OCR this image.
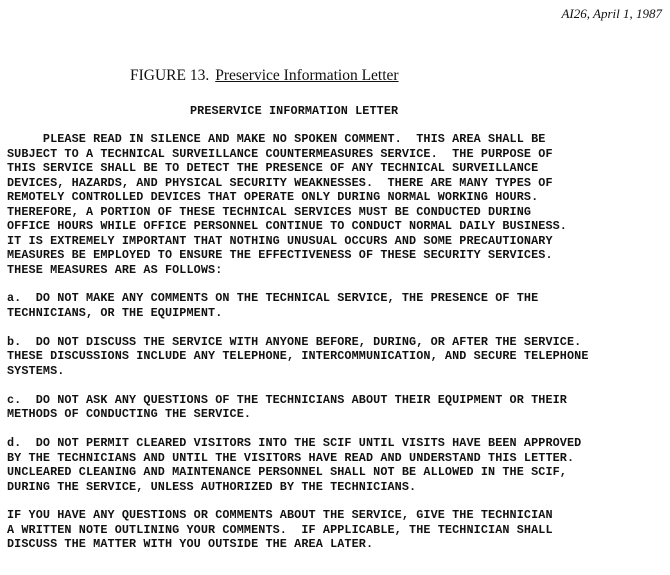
AI26, April 1, 1987
FIGURE 13. Preservice Information Letter
PRESERVICE INFORMATION LETTER
PLEASE READ IN SILENCE AND MAKE NO SPOKEN COMMENT.  THIS AREA SHALL BE
SUBJECT TO A TECHNICAL SURVEILLANCE COUNTERMEASURES SERVICE.  THE PURPOSE OF
THIS SERVICE SHALL BE TO DETECT THE PRESENCE OF ANY TECHNICAL SURVEILLANCE
DEVICES, HAZARDS, AND PHYSICAL SECURITY WEAKNESSES.  THERE ARE MANY TYPES OF
REMOTELY CONTROLLED DEVICES THAT OPERATE ONLY DURING NORMAL WORKING HOURS.
THEREFORE, A PORTION OF THESE TECHNICAL SERVICES MUST BE CONDUCTED DURING
OFFICE HOURS WHILE OFFICE PERSONNEL CONTINUE TO CONDUCT NORMAL DAILY BUSINESS.
IT IS EXTREMELY IMPORTANT THAT NOTHING UNUSUAL OCCURS AND SOME PRECAUTIONARY
MEASURES BE EMPLOYED TO ENSURE THE EFFECTIVENESS OF THESE SECURITY SERVICES.
THESE MEASURES ARE AS FOLLOWS:
a.  DO NOT MAKE ANY COMMENTS ON THE TECHNICAL SERVICE, THE PRESENCE OF THE
TECHNICIANS, OR THE EQUIPMENT.
b.  DO NOT DISCUSS THE SERVICE WITH ANYONE BEFORE, DURING, OR AFTER THE SERVICE.
THESE DISCUSSIONS INCLUDE ANY TELEPHONE, INTERCOMMUNICATION, AND SECURE TELEPHONE
SYSTEMS.
c.  DO NOT ASK ANY QUESTIONS OF THE TECHNICIANS ABOUT THEIR EQUIPMENT OR THEIR
METHODS OF CONDUCTING THE SERVICE.
d.  DO NOT PERMIT CLEARED VISITORS INTO THE SCIF UNTIL VISITS HAVE BEEN APPROVED
BY THE TECHNICIANS AND UNTIL THE VISITORS HAVE READ AND UNDERSTAND THIS LETTER.
UNCLEARED CLEANING AND MAINTENANCE PERSONNEL SHALL NOT BE ALLOWED IN THE SCIF,
DURING THE SERVICE, UNLESS AUTHORIZED BY THE TECHNICIANS.
IF YOU HAVE ANY QUESTIONS OR COMMENTS ABOUT THE SERVICE, GIVE THE TECHNICIAN
A WRITTEN NOTE OUTLINING YOUR COMMENTS.  IF APPLICABLE, THE TECHNICIAN SHALL
DISCUSS THE MATTER WITH YOU OUTSIDE THE AREA LATER.
